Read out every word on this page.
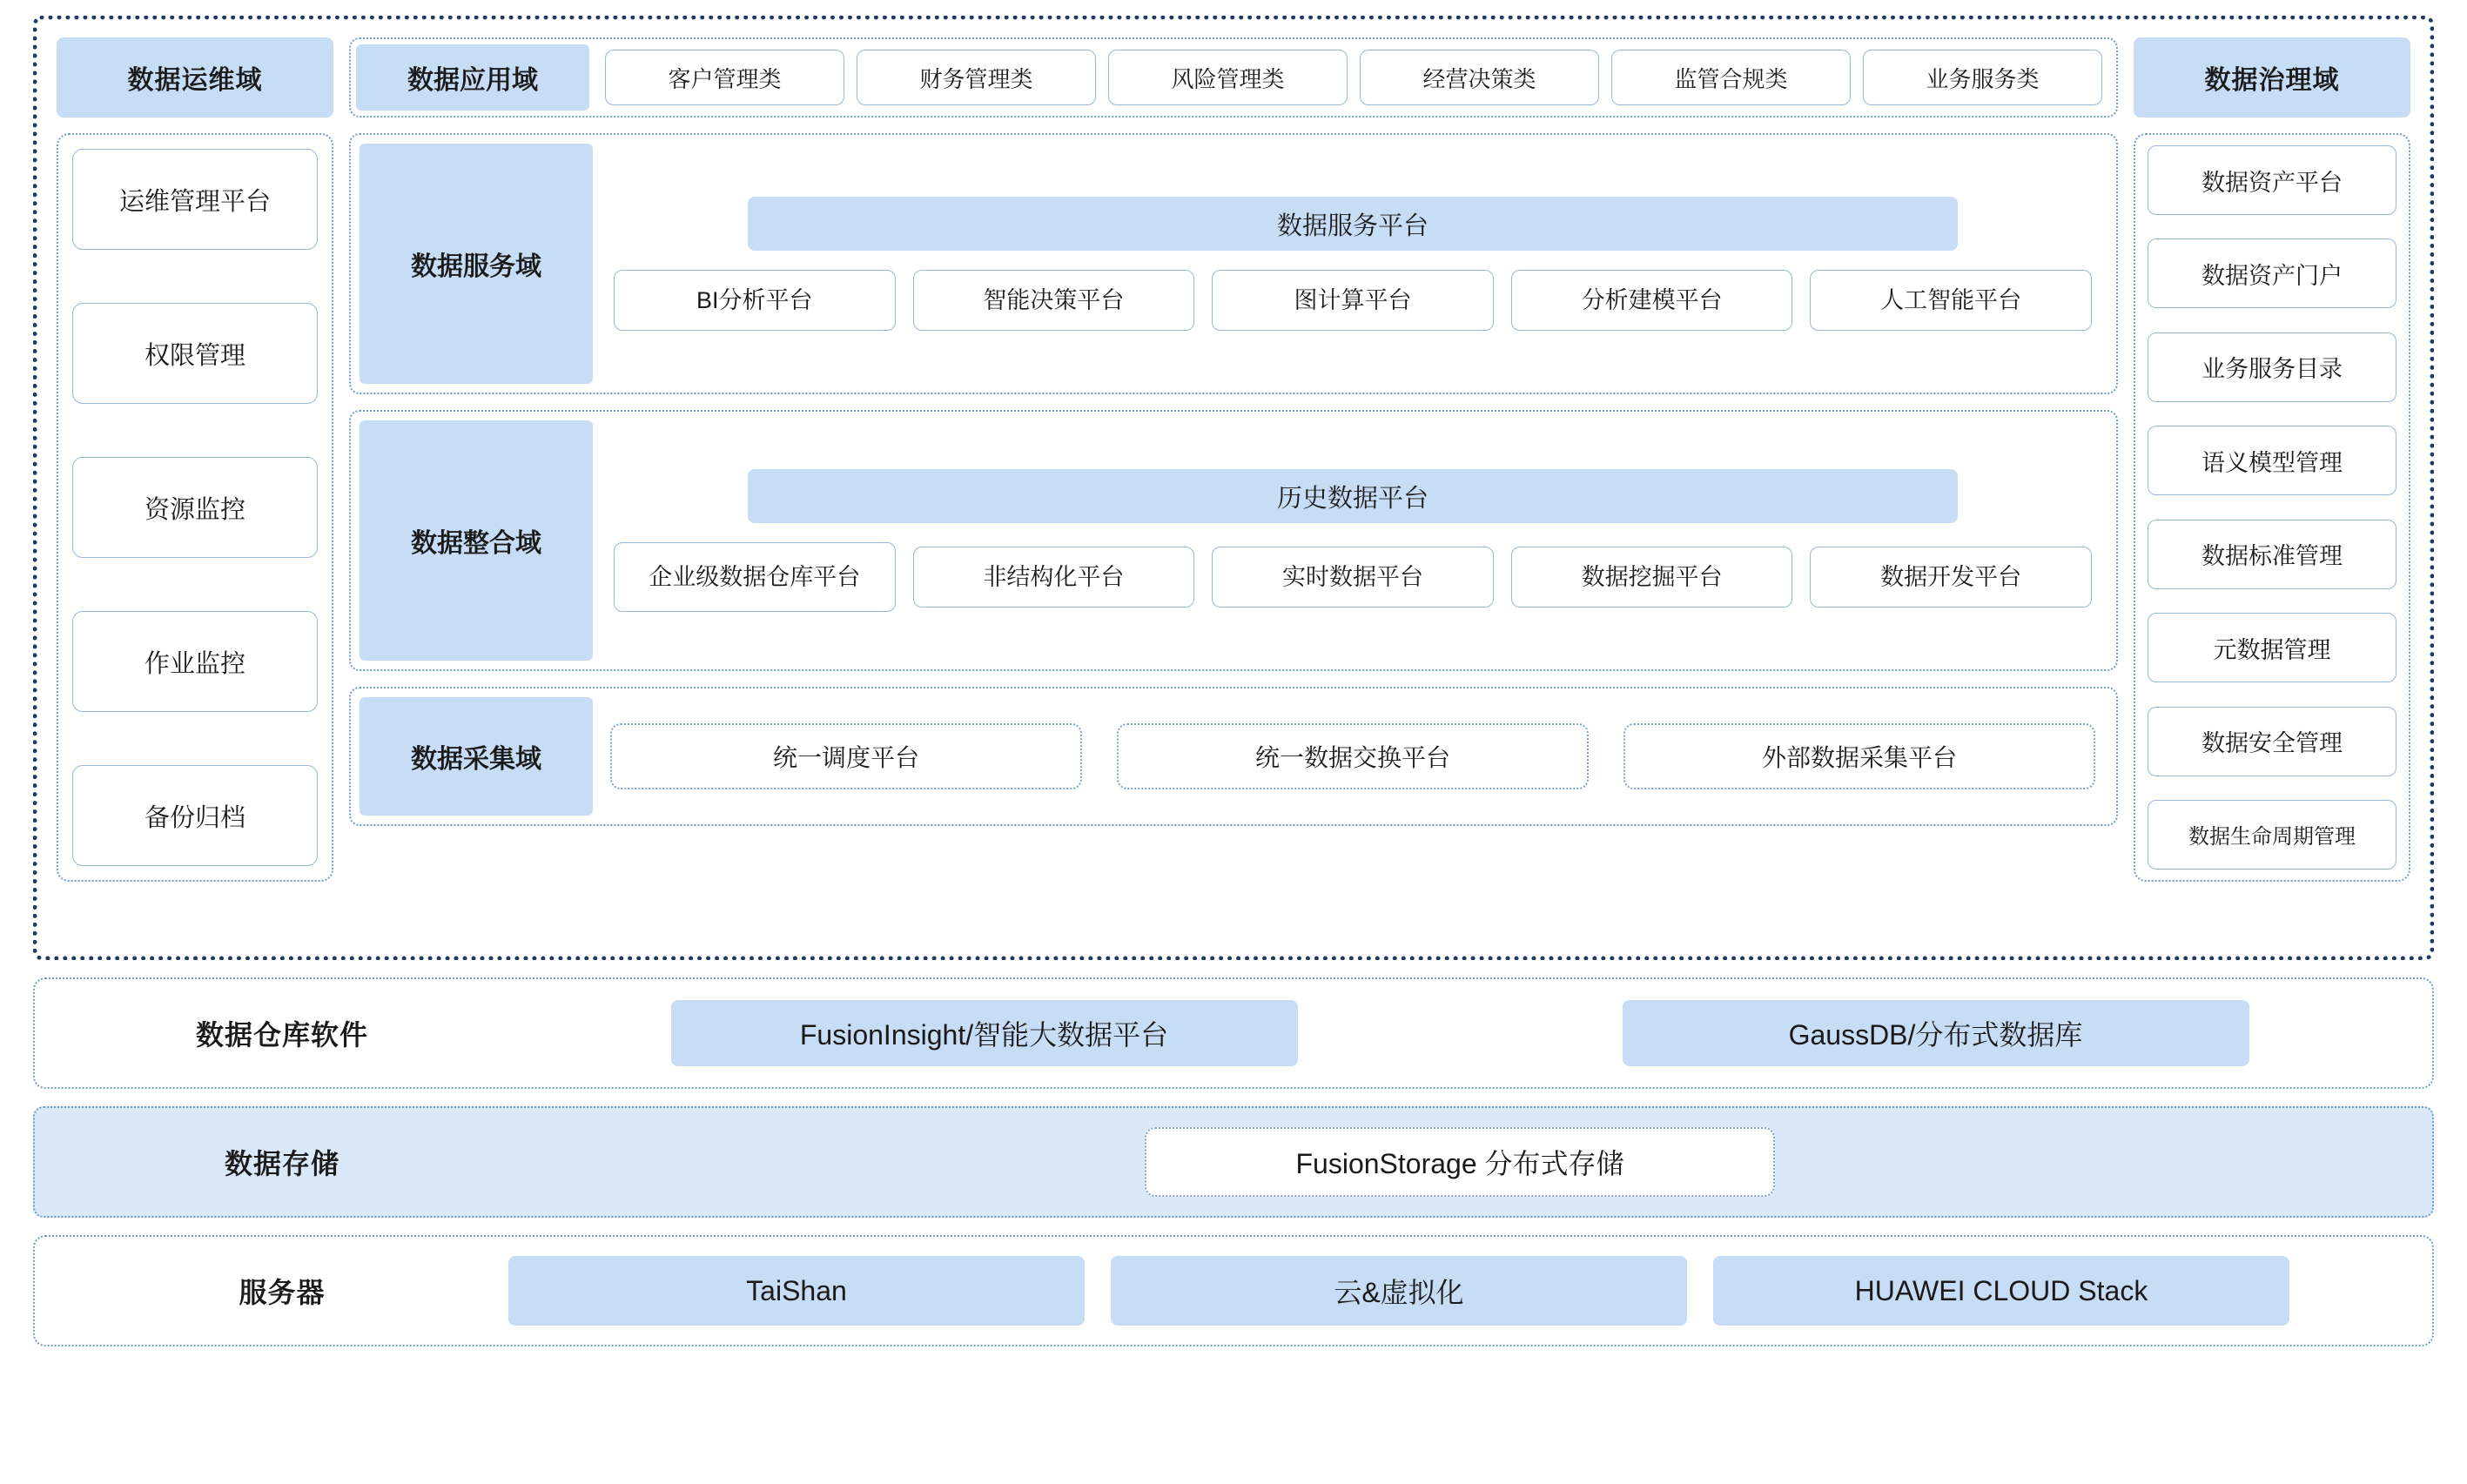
数据运维域	数据应用域	客户管理类	财务管理类	风险管理类	经营决策类	监管合规类	业务服务类	数据治理域
运维管理平台
权限管理
资源监控
作业监控
备份归档
数据服务域
数据服务平台
BI分析平台	智能决策平台	图计算平台	分析建模平台	人工智能平台
数据整合域
历史数据平台
企业级数据仓库平台	非结构化平台	实时数据平台	数据挖掘平台	数据开发平台
数据采集域	统一调度平台	统一数据交换平台	外部数据采集平台
数据资产平台
数据资产门户
业务服务目录
语义模型管理
数据标准管理
元数据管理
数据安全管理
数据生命周期管理
数据仓库软件	FusionInsight/智能大数据平台	GaussDB/分布式数据库
数据存储	FusionStorage 分布式存储
服务器	TaiShan	云&虚拟化	HUAWEI CLOUD Stack
